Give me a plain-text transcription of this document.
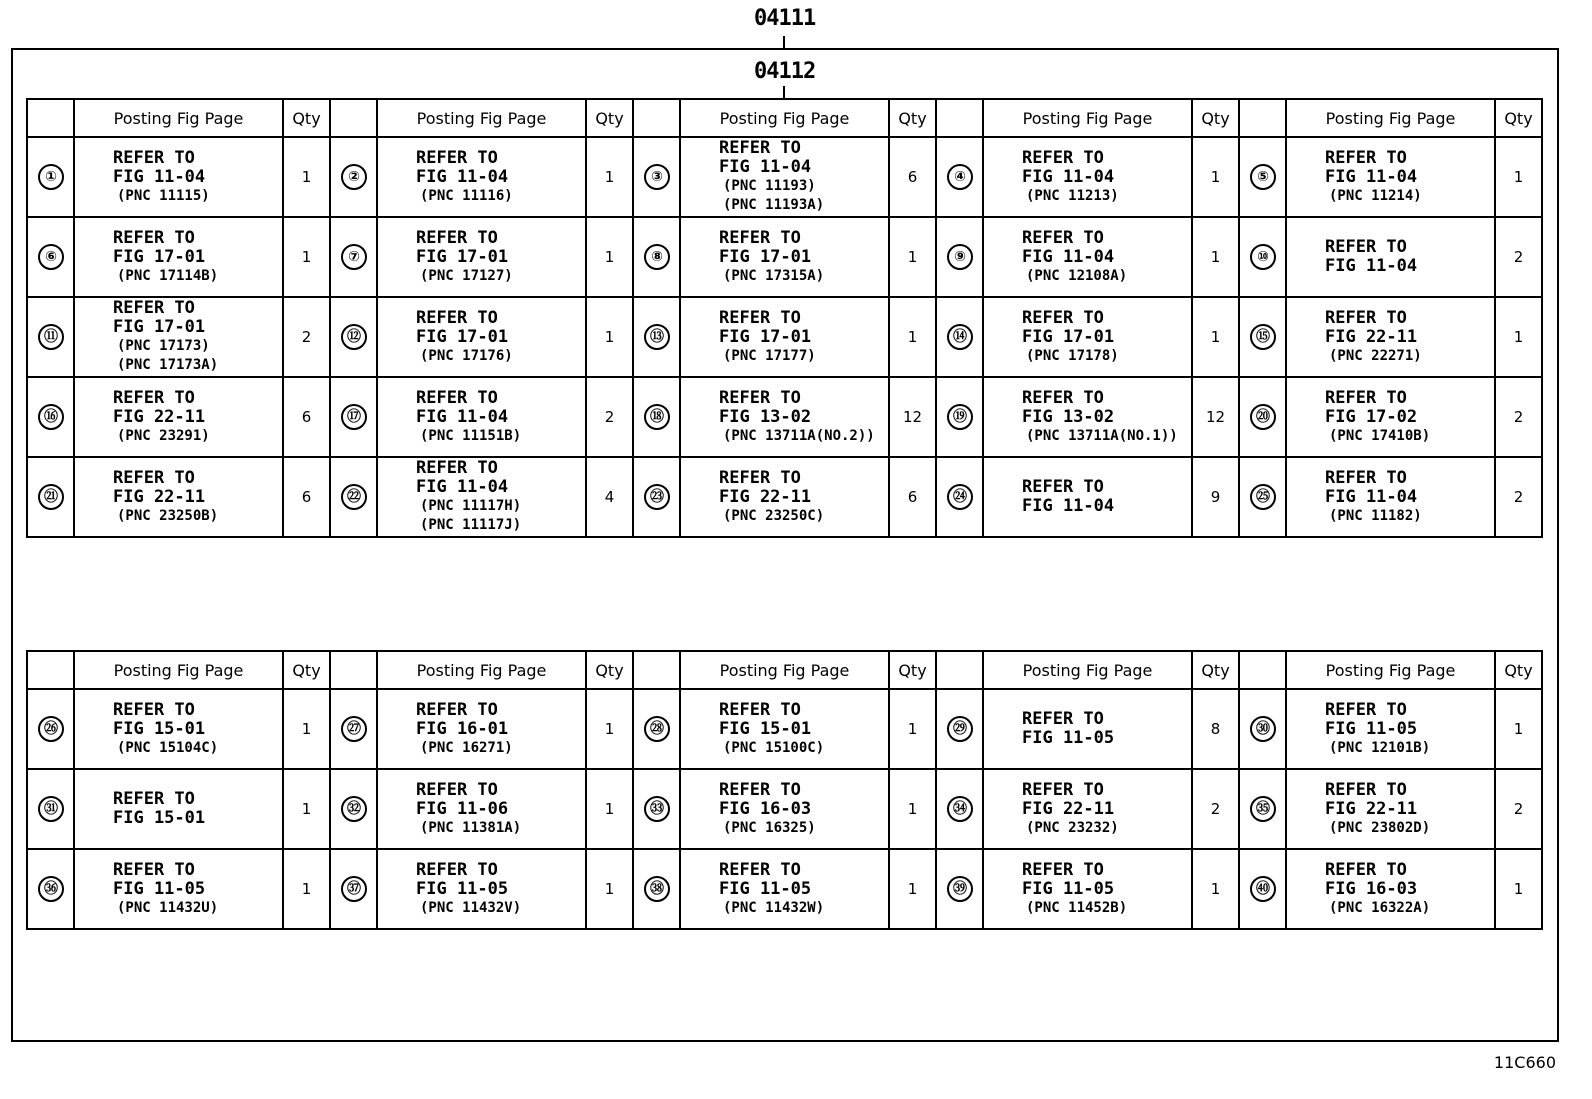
04111
04112
	Posting Fig Page	Qty		Posting Fig Page	Qty		Posting Fig Page	Qty		Posting Fig Page	Qty		Posting Fig Page	Qty
①	REFER TO
FIG 11-04
(PNC 11115)	1	②	REFER TO
FIG 11-04
(PNC 11116)	1	③	REFER TO
FIG 11-04
(PNC 11193)
(PNC 11193A)	6	④	REFER TO
FIG 11-04
(PNC 11213)	1	⑤	REFER TO
FIG 11-04
(PNC 11214)	1
⑥	REFER TO
FIG 17-01
(PNC 17114B)	1	⑦	REFER TO
FIG 17-01
(PNC 17127)	1	⑧	REFER TO
FIG 17-01
(PNC 17315A)	1	⑨	REFER TO
FIG 11-04
(PNC 12108A)	1	⑩	REFER TO
FIG 11-04	2
⑪	REFER TO
FIG 17-01
(PNC 17173)
(PNC 17173A)	2	⑫	REFER TO
FIG 17-01
(PNC 17176)	1	⑬	REFER TO
FIG 17-01
(PNC 17177)	1	⑭	REFER TO
FIG 17-01
(PNC 17178)	1	⑮	REFER TO
FIG 22-11
(PNC 22271)	1
⑯	REFER TO
FIG 22-11
(PNC 23291)	6	⑰	REFER TO
FIG 11-04
(PNC 11151B)	2	⑱	REFER TO
FIG 13-02
(PNC 13711A(NO.2))	12	⑲	REFER TO
FIG 13-02
(PNC 13711A(NO.1))	12	⑳	REFER TO
FIG 17-02
(PNC 17410B)	2
㉑	REFER TO
FIG 22-11
(PNC 23250B)	6	㉒	REFER TO
FIG 11-04
(PNC 11117H)
(PNC 11117J)	4	㉓	REFER TO
FIG 22-11
(PNC 23250C)	6	㉔	REFER TO
FIG 11-04	9	㉕	REFER TO
FIG 11-04
(PNC 11182)	2
	Posting Fig Page	Qty		Posting Fig Page	Qty		Posting Fig Page	Qty		Posting Fig Page	Qty		Posting Fig Page	Qty
㉖	REFER TO
FIG 15-01
(PNC 15104C)	1	㉗	REFER TO
FIG 16-01
(PNC 16271)	1	㉘	REFER TO
FIG 15-01
(PNC 15100C)	1	㉙	REFER TO
FIG 11-05	8	㉚	REFER TO
FIG 11-05
(PNC 12101B)	1
㉛	REFER TO
FIG 15-01	1	㉜	REFER TO
FIG 11-06
(PNC 11381A)	1	㉝	REFER TO
FIG 16-03
(PNC 16325)	1	㉞	REFER TO
FIG 22-11
(PNC 23232)	2	㉟	REFER TO
FIG 22-11
(PNC 23802D)	2
㊱	REFER TO
FIG 11-05
(PNC 11432U)	1	㊲	REFER TO
FIG 11-05
(PNC 11432V)	1	㊳	REFER TO
FIG 11-05
(PNC 11432W)	1	㊴	REFER TO
FIG 11-05
(PNC 11452B)	1	㊵	REFER TO
FIG 16-03
(PNC 16322A)	1
11C660
